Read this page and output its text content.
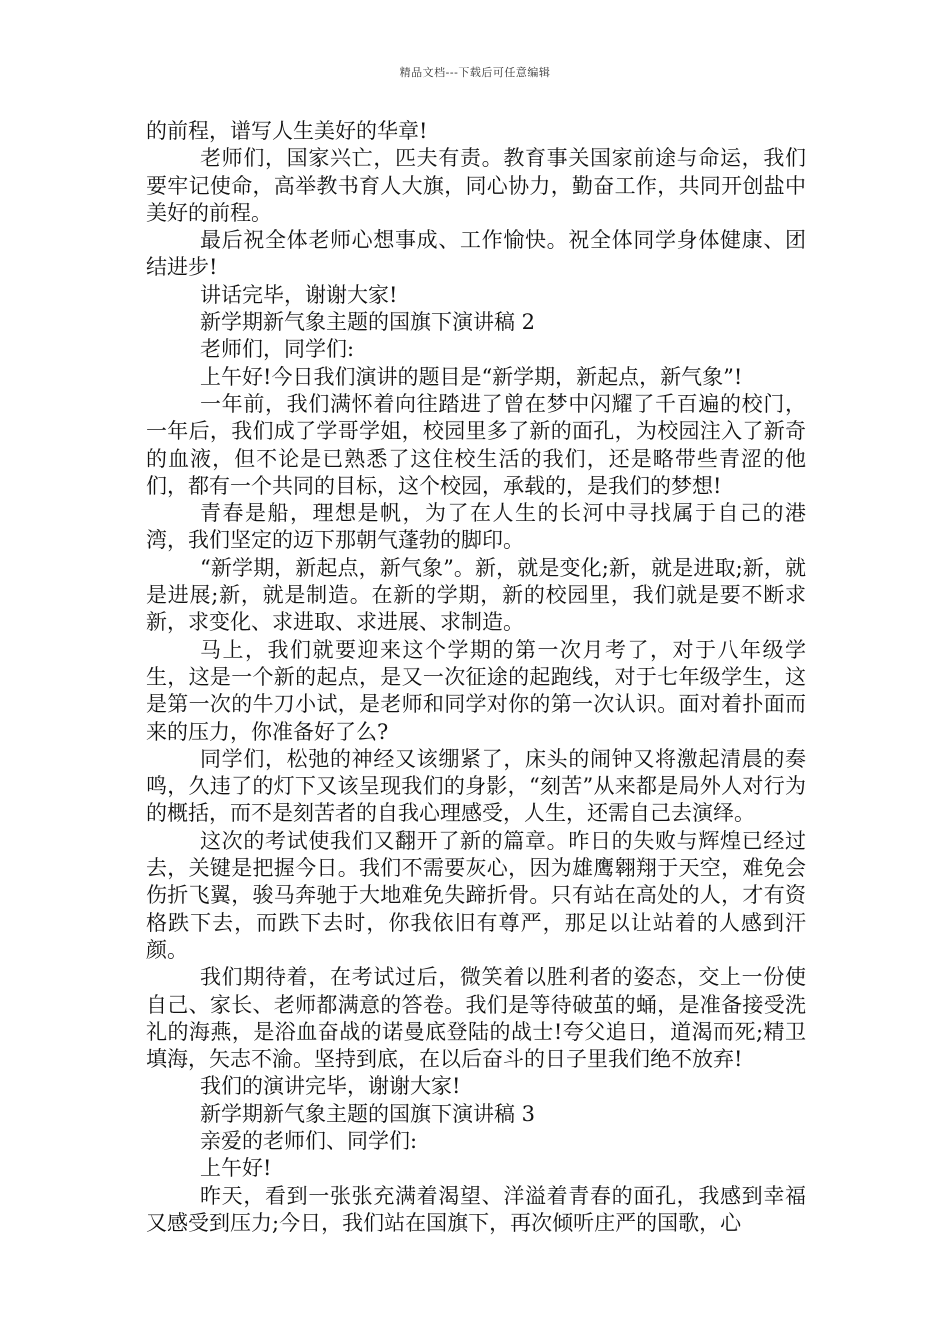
精品文档---下载后可任意编辑

的前程，谱写人生美好的华章!

老师们，国家兴亡，匹夫有责。教育事关国家前途与命运，我们要牢记使命，高举教书育人大旗，同心协力，勤奋工作，共同开创盐中美好的前程。

最后祝全体老师心想事成、工作愉快。祝全体同学身体健康、团结进步!

讲话完毕，谢谢大家!

新学期新气象主题的国旗下演讲稿 2

老师们，同学们:

上午好!今日我们演讲的题目是“新学期，新起点，新气象”!

一年前，我们满怀着向往踏进了曾在梦中闪耀了千百遍的校门，一年后，我们成了学哥学姐，校园里多了新的面孔，为校园注入了新奇的血液，但不论是已熟悉了这住校生活的我们，还是略带些青涩的他们，都有一个共同的目标，这个校园，承载的，是我们的梦想!

青春是船，理想是帆，为了在人生的长河中寻找属于自己的港湾，我们坚定的迈下那朝气蓬勃的脚印。

“新学期，新起点，新气象”。新，就是变化;新，就是进取;新，就是进展;新，就是制造。在新的学期，新的校园里，我们就是要不断求新，求变化、求进取、求进展、求制造。

马上，我们就要迎来这个学期的第一次月考了，对于八年级学生，这是一个新的起点，是又一次征途的起跑线，对于七年级学生，这是第一次的牛刀小试，是老师和同学对你的第一次认识。面对着扑面而来的压力，你准备好了么?

同学们，松弛的神经又该绷紧了，床头的闹钟又将激起清晨的奏鸣，久违了的灯下又该呈现我们的身影，“刻苦”从来都是局外人对行为的概括，而不是刻苦者的自我心理感受，人生，还需自己去演绎。

这次的考试使我们又翻开了新的篇章。昨日的失败与辉煌已经过去，关键是把握今日。我们不需要灰心，因为雄鹰翱翔于天空，难免会伤折飞翼，骏马奔驰于大地难免失蹄折骨。只有站在高处的人，才有资格跌下去，而跌下去时，你我依旧有尊严，那足以让站着的人感到汗颜。

我们期待着，在考试过后，微笑着以胜利者的姿态，交上一份使自己、家长、老师都满意的答卷。我们是等待破茧的蛹，是准备接受洗礼的海燕，是浴血奋战的诺曼底登陆的战士!夸父追日，道渴而死;精卫填海，矢志不渝。坚持到底，在以后奋斗的日子里我们绝不放弃!

我们的演讲完毕，谢谢大家!

新学期新气象主题的国旗下演讲稿 3

亲爱的老师们、同学们:

上午好!

昨天，看到一张张充满着渴望、洋溢着青春的面孔，我感到幸福又感受到压力;今日，我们站在国旗下，再次倾听庄严的国歌，心
